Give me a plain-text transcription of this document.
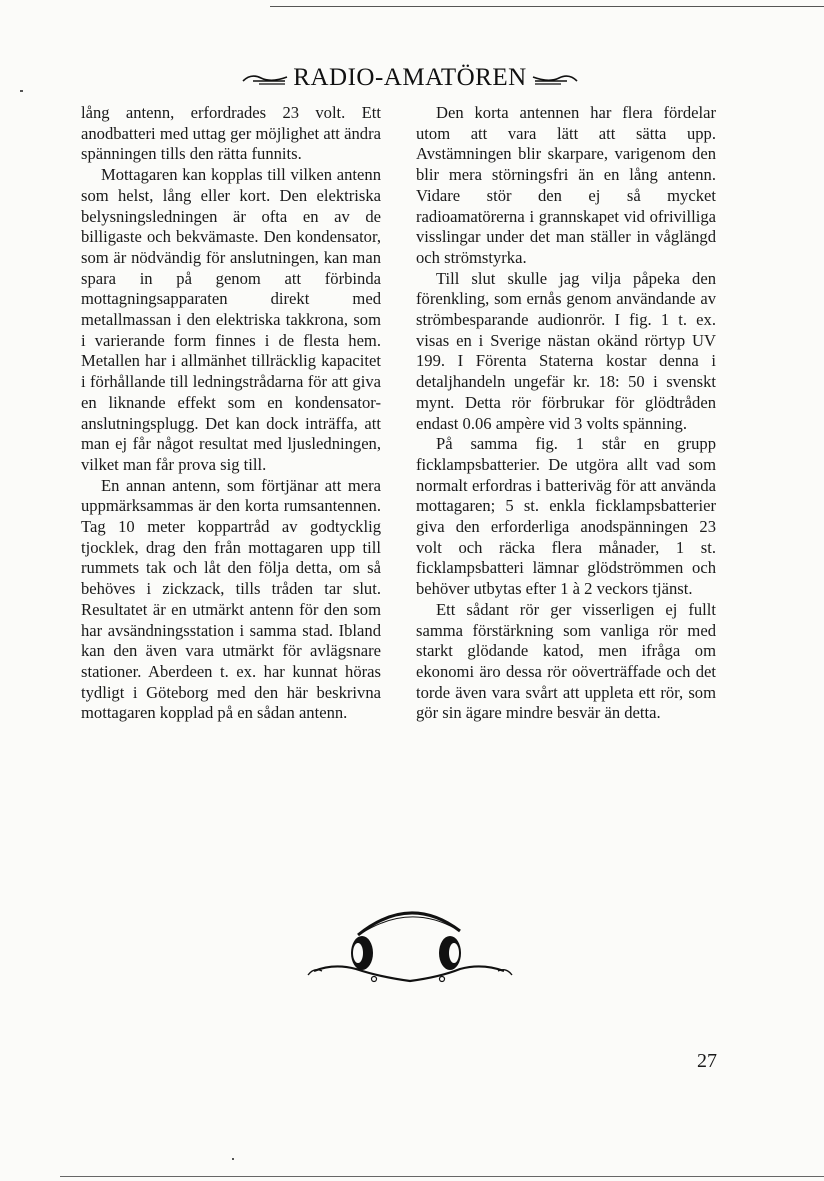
RADIO-AMATÖREN

lång antenn, erfordrades 23 volt. Ett anodbatteri med uttag ger möjlighet att ändra spänningen tills den rätta funnits.

Mottagaren kan kopplas till vilken antenn som helst, lång eller kort. Den elektriska belysningsledningen är ofta en av de billigaste och bekvämaste. Den kondensator, som är nödvändig för anslutningen, kan man spara in på genom att förbinda mottagningsapparaten direkt med metallmassan i den elektriska takkrona, som i varierande form finnes i de flesta hem. Metallen har i allmänhet tillräcklig kapacitet i förhållande till ledningstrådarna för att giva en liknande effekt som en kondensator-anslutningsplugg. Det kan dock inträffa, att man ej får något resultat med ljusledningen, vilket man får prova sig till.

En annan antenn, som förtjänar att mera uppmärksammas är den korta rumsantennen. Tag 10 meter koppartråd av godtycklig tjocklek, drag den från mottagaren upp till rummets tak och låt den följa detta, om så behöves i zickzack, tills tråden tar slut. Resultatet är en utmärkt antenn för den som har avsändningsstation i samma stad. Ibland kan den även vara utmärkt för avlägsnare stationer. Aberdeen t. ex. har kunnat höras tydligt i Göteborg med den här beskrivna mottagaren kopplad på en sådan antenn.

Den korta antennen har flera fördelar utom att vara lätt att sätta upp. Avstämningen blir skarpare, varigenom den blir mera störningsfri än en lång antenn. Vidare stör den ej så mycket radioamatörerna i grannskapet vid ofrivilliga visslingar under det man ställer in våglängd och strömstyrka.

Till slut skulle jag vilja påpeka den förenkling, som ernås genom användande av strömbesparande audionrör. I fig. 1 t. ex. visas en i Sverige nästan okänd rörtyp UV 199. I Förenta Staterna kostar denna i detaljhandeln ungefär kr. 18: 50 i svenskt mynt. Detta rör förbrukar för glödtråden endast 0.06 ampère vid 3 volts spänning.

På samma fig. 1 står en grupp ficklampsbatterier. De utgöra allt vad som normalt erfordras i batteriväg för att använda mottagaren; 5 st. enkla ficklampsbatterier giva den erforderliga anodspänningen 23 volt och räcka flera månader, 1 st. ficklampsbatteri lämnar glödströmmen och behöver utbytas efter 1 à 2 veckors tjänst.

Ett sådant rör ger visserligen ej fullt samma förstärkning som vanliga rör med starkt glödande katod, men ifråga om ekonomi äro dessa rör oöverträffade och det torde även vara svårt att uppleta ett rör, som gör sin ägare mindre besvär än detta.

27
